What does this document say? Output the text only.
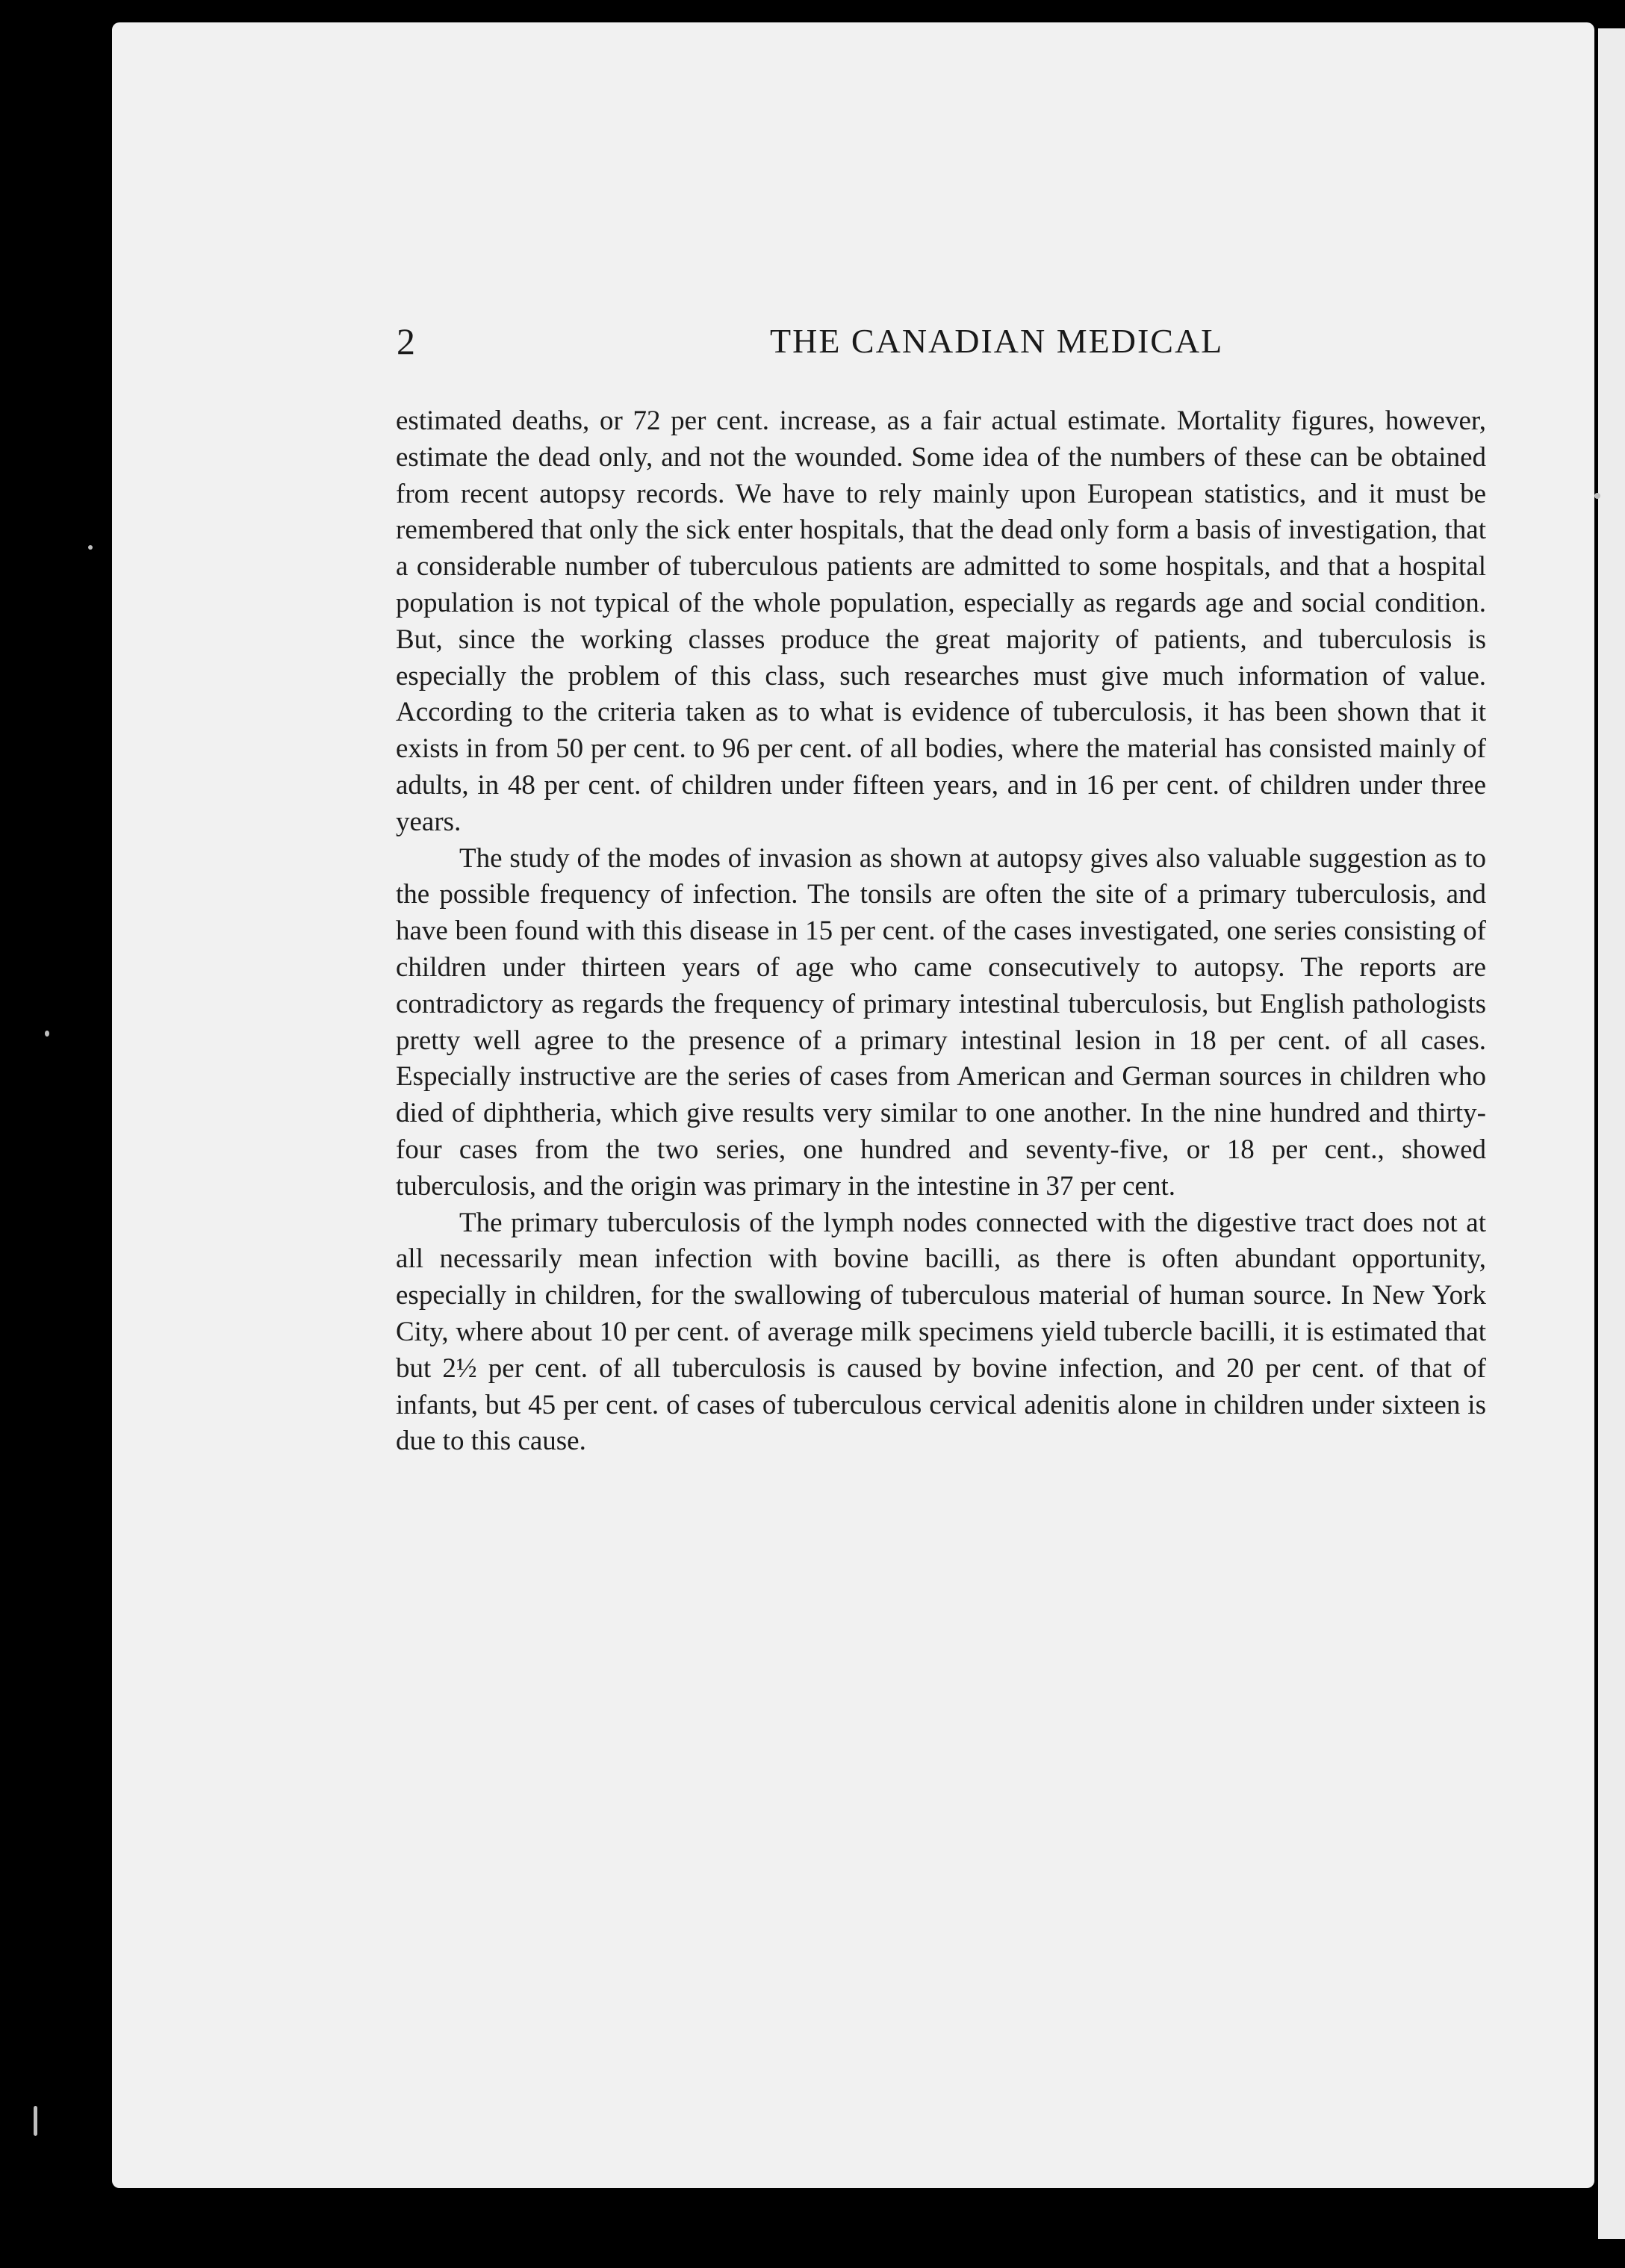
2	THE CANADIAN MEDICAL

estimated deaths, or 72 per cent. increase, as a fair actual estimate. Mortality figures, however, estimate the dead only, and not the wounded. Some idea of the numbers of these can be obtained from recent autopsy records. We have to rely mainly upon European statistics, and it must be remembered that only the sick enter hospitals, that the dead only form a basis of investigation, that a considerable number of tuberculous patients are admitted to some hospitals, and that a hospital population is not typical of the whole population, especially as regards age and social condition. But, since the working classes produce the great majority of patients, and tuberculosis is especially the problem of this class, such researches must give much information of value. According to the criteria taken as to what is evidence of tuberculosis, it has been shown that it exists in from 50 per cent. to 96 per cent. of all bodies, where the material has consisted mainly of adults, in 48 per cent. of children under fifteen years, and in 16 per cent. of children under three years.

The study of the modes of invasion as shown at autopsy gives also valuable suggestion as to the possible frequency of infection. The tonsils are often the site of a primary tuberculosis, and have been found with this disease in 15 per cent. of the cases investigated, one series consisting of children under thirteen years of age who came consecutively to autopsy. The reports are contradictory as regards the frequency of primary intestinal tuberculosis, but English pathologists pretty well agree to the presence of a primary intestinal lesion in 18 per cent. of all cases. Especially instructive are the series of cases from American and German sources in children who died of diphtheria, which give results very similar to one another. In the nine hundred and thirty-four cases from the two series, one hundred and seventy-five, or 18 per cent., showed tuberculosis, and the origin was primary in the intestine in 37 per cent.

The primary tuberculosis of the lymph nodes connected with the digestive tract does not at all necessarily mean infection with bovine bacilli, as there is often abundant opportunity, especially in children, for the swallowing of tuberculous material of human source. In New York City, where about 10 per cent. of average milk specimens yield tubercle bacilli, it is estimated that but 2½ per cent. of all tuberculosis is caused by bovine infection, and 20 per cent. of that of infants, but 45 per cent. of cases of tuberculous cervical adenitis alone in children under sixteen is due to this cause.
